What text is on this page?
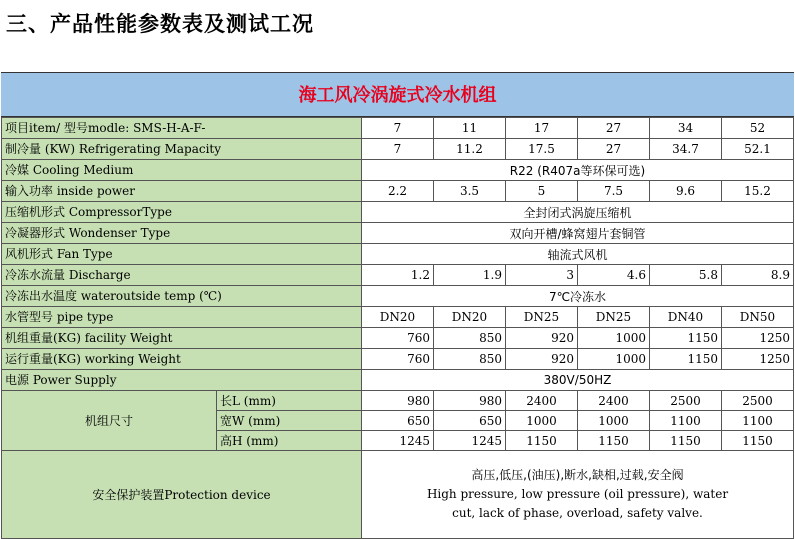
三、产品性能参数表及测试工况
海工风冷涡旋式冷水机组
项目item/ 型号modle: SMS-H-A-F-		7	11	17	27	34	52
制冷量 (KW) Refrigerating Mapacity		7	11.2	17.5	27	34.7	52.1
冷媒 Cooling Medium		R22 (R407a等环保可选)					
输入功率 inside power		2.2	3.5	5	7.5	9.6	15.2
压缩机形式 CompressorType		全封闭式涡旋压缩机					
冷凝器形式 Wondenser Type		双向开槽/蜂窝翅片套铜管					
风机形式 Fan Type		轴流式风机					
冷冻水流量 Discharge		1.2	1.9	3	4.6	5.8	8.9
冷冻出水温度 wateroutside temp (℃)		7℃冷冻水					
水管型号 pipe type		DN20	DN20	DN25	DN25	DN40	DN50
机组重量(KG) facility Weight		760	850	920	1000	1150	1250
运行重量(KG) working Weight		760	850	920	1000	1150	1250
电源 Power Supply		380V/50HZ					
机组尺寸	长L (mm)	980	980	2400	2400	2500	2500
	宽W (mm)	650	650	1000	1000	1100	1100
	高H (mm)	1245	1245	1150	1150	1150	1150
安全保护装置Protection device		高压,低压,(油压),断水,缺相,过载,安全阀
High pressure, low pressure (oil pressure), water
cut, lack of phase, overload, safety valve.					
